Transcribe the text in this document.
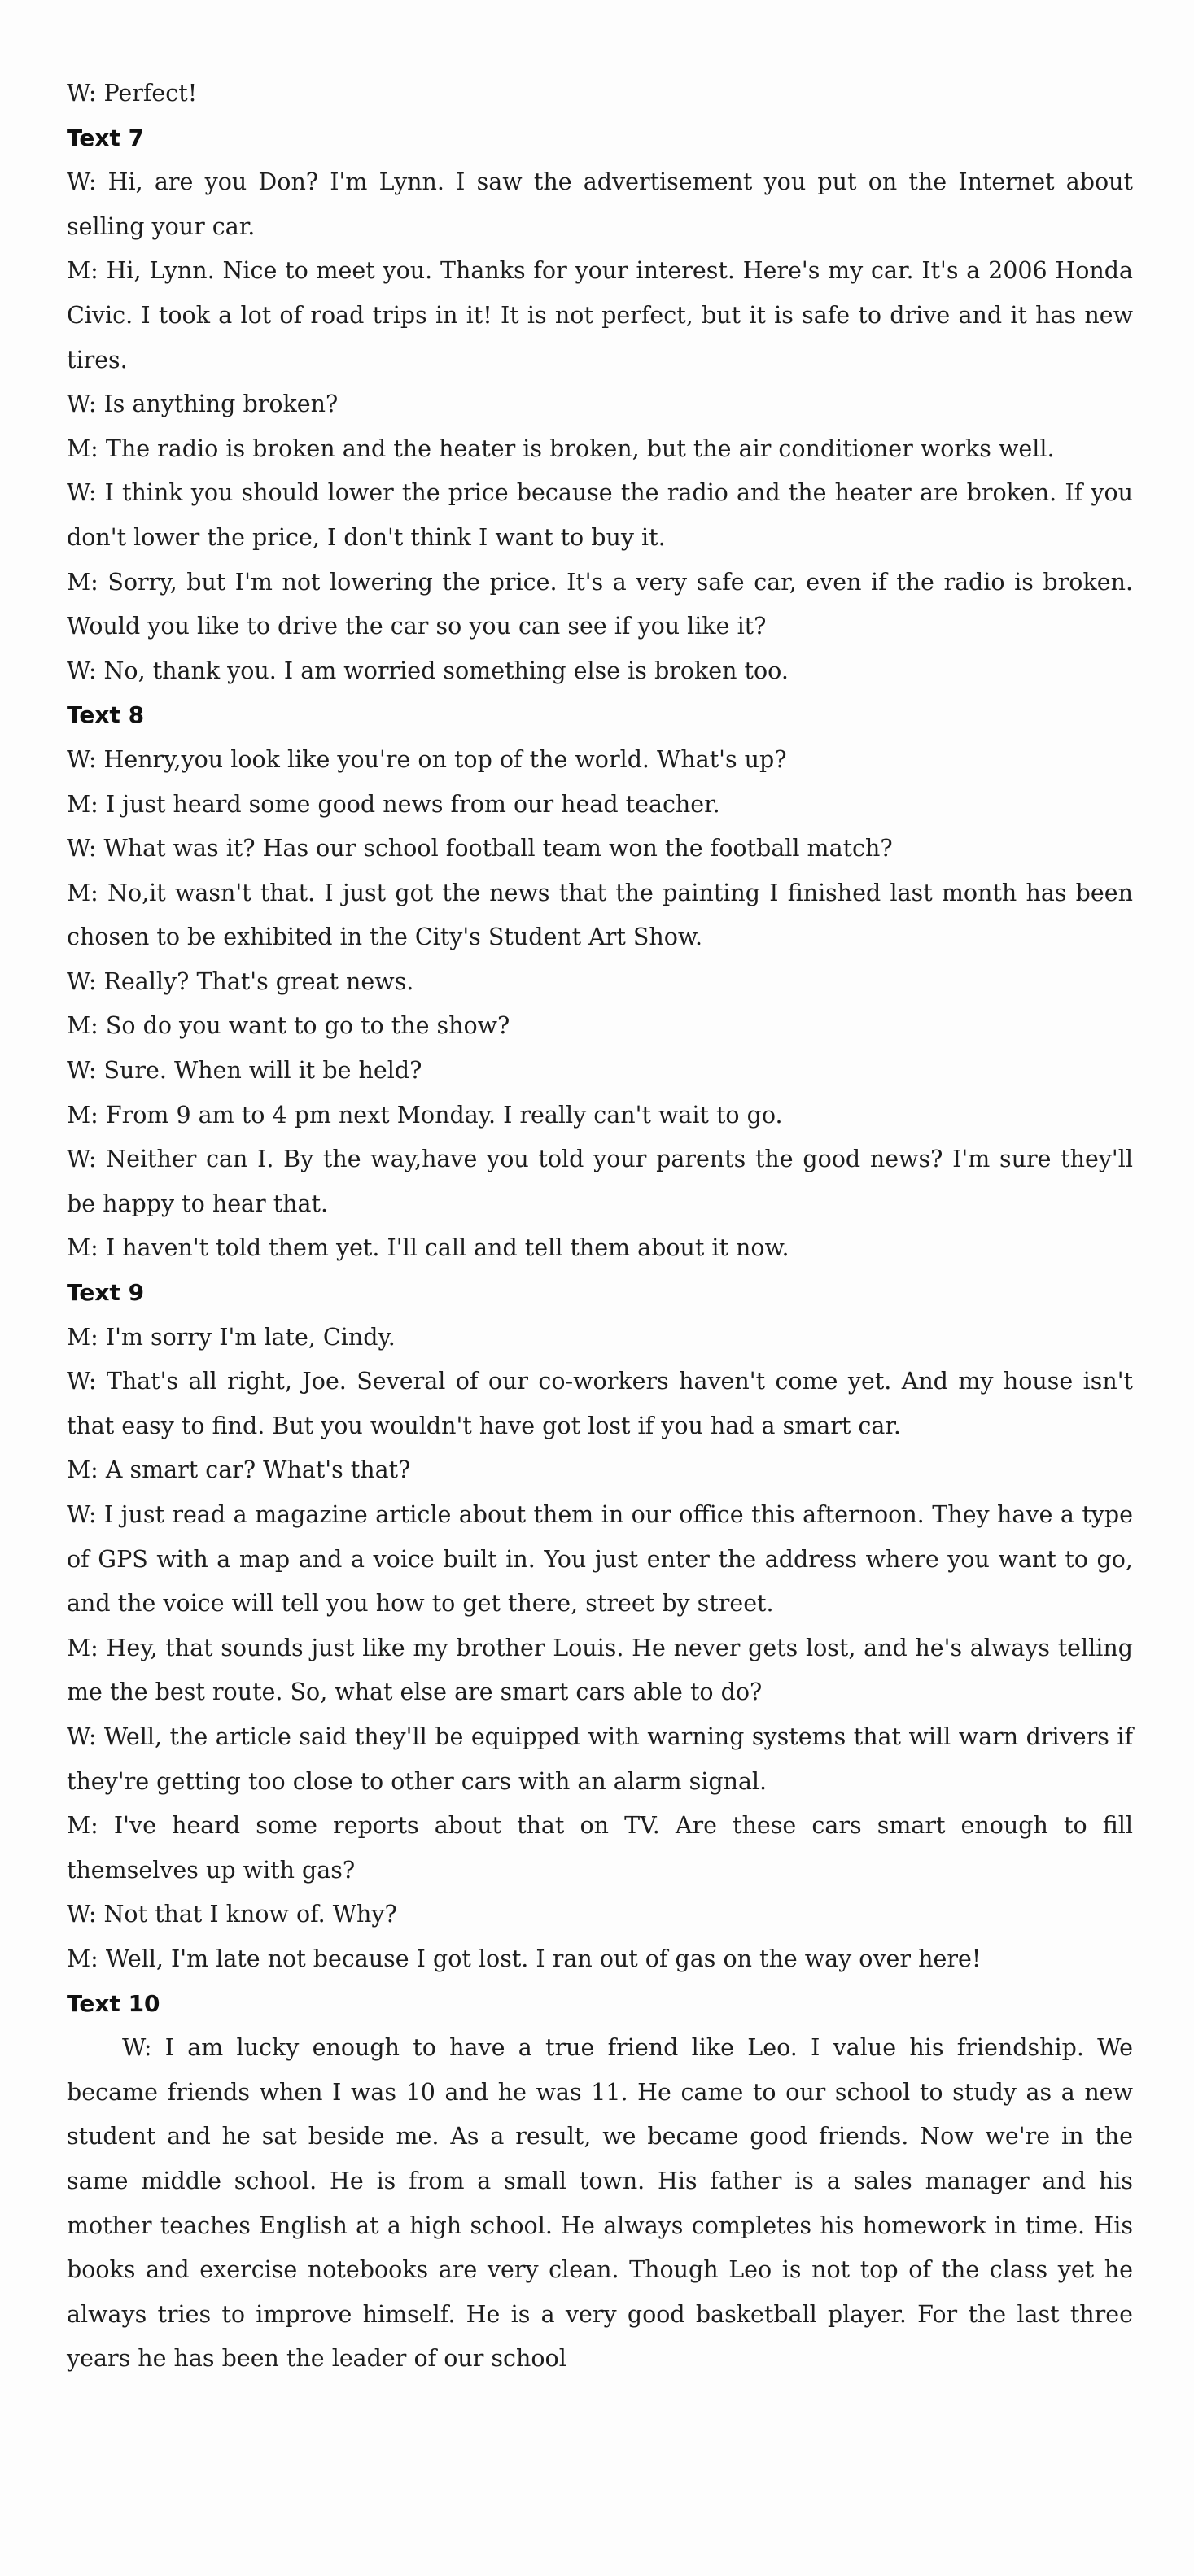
W: Perfect!

Text 7

W: Hi, are you Don? I'm Lynn. I saw the advertisement you put on the Internet about selling your car.

M: Hi, Lynn. Nice to meet you. Thanks for your interest. Here's my car. It's a 2006 Honda Civic. I took a lot of road trips in it! It is not perfect, but it is safe to drive and it has new tires.

W: Is anything broken?

M: The radio is broken and the heater is broken, but the air conditioner works well.

W: I think you should lower the price because the radio and the heater are broken. If you don't lower the price, I don't think I want to buy it.

M: Sorry, but I'm not lowering the price. It's a very safe car, even if the radio is broken. Would you like to drive the car so you can see if you like it?

W: No, thank you. I am worried something else is broken too.

Text 8

W: Henry,you look like you're on top of the world. What's up?

M: I just heard some good news from our head teacher.

W: What was it? Has our school football team won the football match?

M: No,it wasn't that. I just got the news that the painting I finished last month has been chosen to be exhibited in the City's Student Art Show.

W: Really? That's great news.

M: So do you want to go to the show?

W: Sure. When will it be held?

M: From 9 am to 4 pm next Monday. I really can't wait to go.

W: Neither can I. By the way,have you told your parents the good news? I'm sure they'll be happy to hear that.

M: I haven't told them yet. I'll call and tell them about it now.

Text 9

M: I'm sorry I'm late, Cindy.

W: That's all right, Joe. Several of our co-workers haven't come yet. And my house isn't that easy to find. But you wouldn't have got lost if you had a smart car.

M: A smart car? What's that?

W: I just read a magazine article about them in our office this afternoon. They have a type of GPS with a map and a voice built in. You just enter the address where you want to go, and the voice will tell you how to get there, street by street.

M: Hey, that sounds just like my brother Louis. He never gets lost, and he's always telling me the best route. So, what else are smart cars able to do?

W: Well, the article said they'll be equipped with warning systems that will warn drivers if they're getting too close to other cars with an alarm signal.

M: I've heard some reports about that on TV. Are these cars smart enough to fill themselves up with gas?

W: Not that I know of. Why?

M: Well, I'm late not because I got lost. I ran out of gas on the way over here!

Text 10

W: I am lucky enough to have a true friend like Leo. I value his friendship. We became friends when I was 10 and he was 11. He came to our school to study as a new student and he sat beside me. As a result, we became good friends. Now we're in the same middle school. He is from a small town. His father is a sales manager and his mother teaches English at a high school. He always completes his homework in time. His books and exercise notebooks are very clean. Though Leo is not top of the class yet he always tries to improve himself. He is a very good basketball player. For the last three years he has been the leader of our school
